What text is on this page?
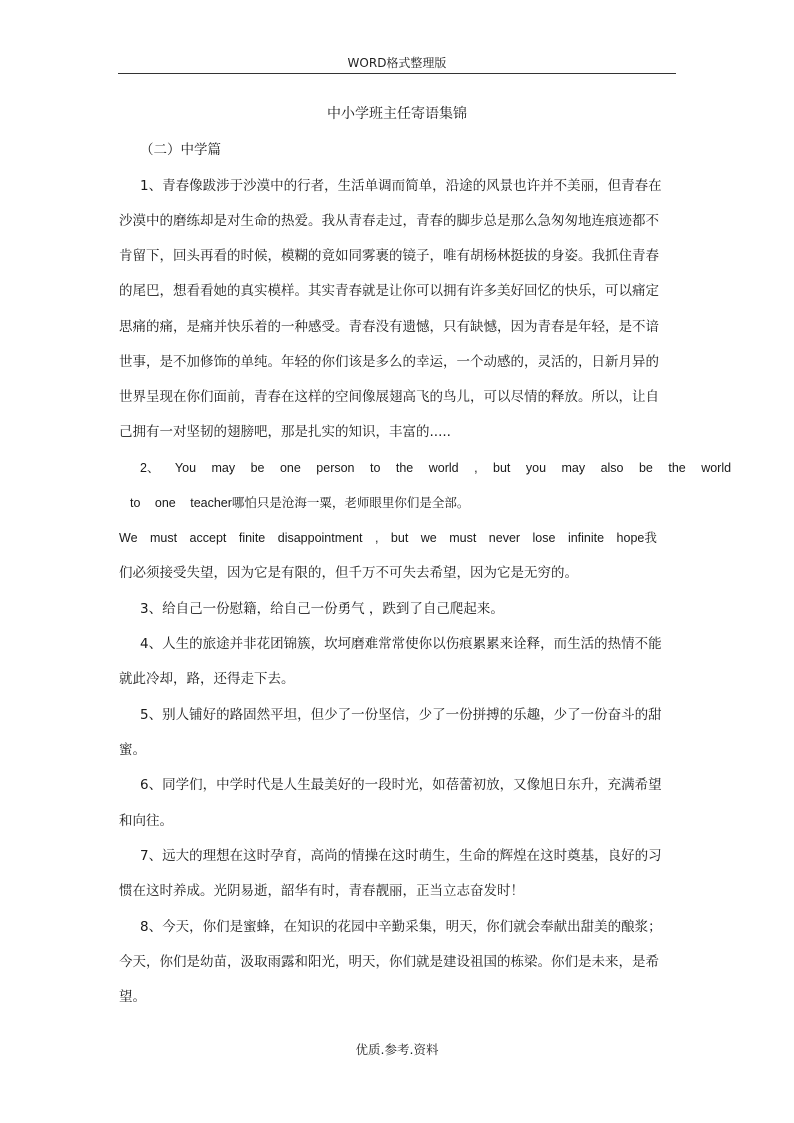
WORD格式整理版
中小学班主任寄语集锦
（二）中学篇
1、青春像跋涉于沙漠中的行者，生活单调而简单，沿途的风景也许并不美丽，但青春在
沙漠中的磨练却是对生命的热爱。我从青春走过，青春的脚步总是那么急匆匆地连痕迹都不
肯留下，回头再看的时候，模糊的竟如同雾裹的镜子，唯有胡杨林挺拔的身姿。我抓住青春
的尾巴，想看看她的真实模样。其实青春就是让你可以拥有许多美好回忆的快乐，可以痛定
思痛的痛，是痛并快乐着的一种感受。青春没有遗憾，只有缺憾，因为青春是年轻，是不谙
世事，是不加修饰的单纯。年轻的你们该是多么的幸运，一个动感的，灵活的，日新月异的
世界呈现在你们面前，青春在这样的空间像展翅高飞的鸟儿，可以尽情的释放。所以，让自
己拥有一对坚韧的翅膀吧，那是扎实的知识，丰富的.....
2、 You may be one person to the world , but you may also be the world
to one teacher哪怕只是沧海一粟，老师眼里你们是全部。
We must accept finite disappointment , but we must never lose infinite hope我
们必须接受失望，因为它是有限的，但千万不可失去希望，因为它是无穷的。
3、给自己一份慰籍，给自己一份勇气 ，跌到了自己爬起来。
4、人生的旅途并非花团锦簇，坎坷磨难常常使你以伤痕累累来诠释，而生活的热情不能
就此冷却，路，还得走下去。
5、别人铺好的路固然平坦，但少了一份坚信，少了一份拼搏的乐趣，少了一份奋斗的甜
蜜。
6、同学们，中学时代是人生最美好的一段时光，如蓓蕾初放，又像旭日东升，充满希望
和向往。
7、远大的理想在这时孕育，高尚的情操在这时萌生，生命的辉煌在这时奠基，良好的习
惯在这时养成。光阴易逝，韶华有时，青春靓丽，正当立志奋发时！
8、今天，你们是蜜蜂，在知识的花园中辛勤采集，明天，你们就会奉献出甜美的酿浆；
今天，你们是幼苗，汲取雨露和阳光，明天，你们就是建设祖国的栋梁。你们是未来，是希
望。
优质.参考.资料
